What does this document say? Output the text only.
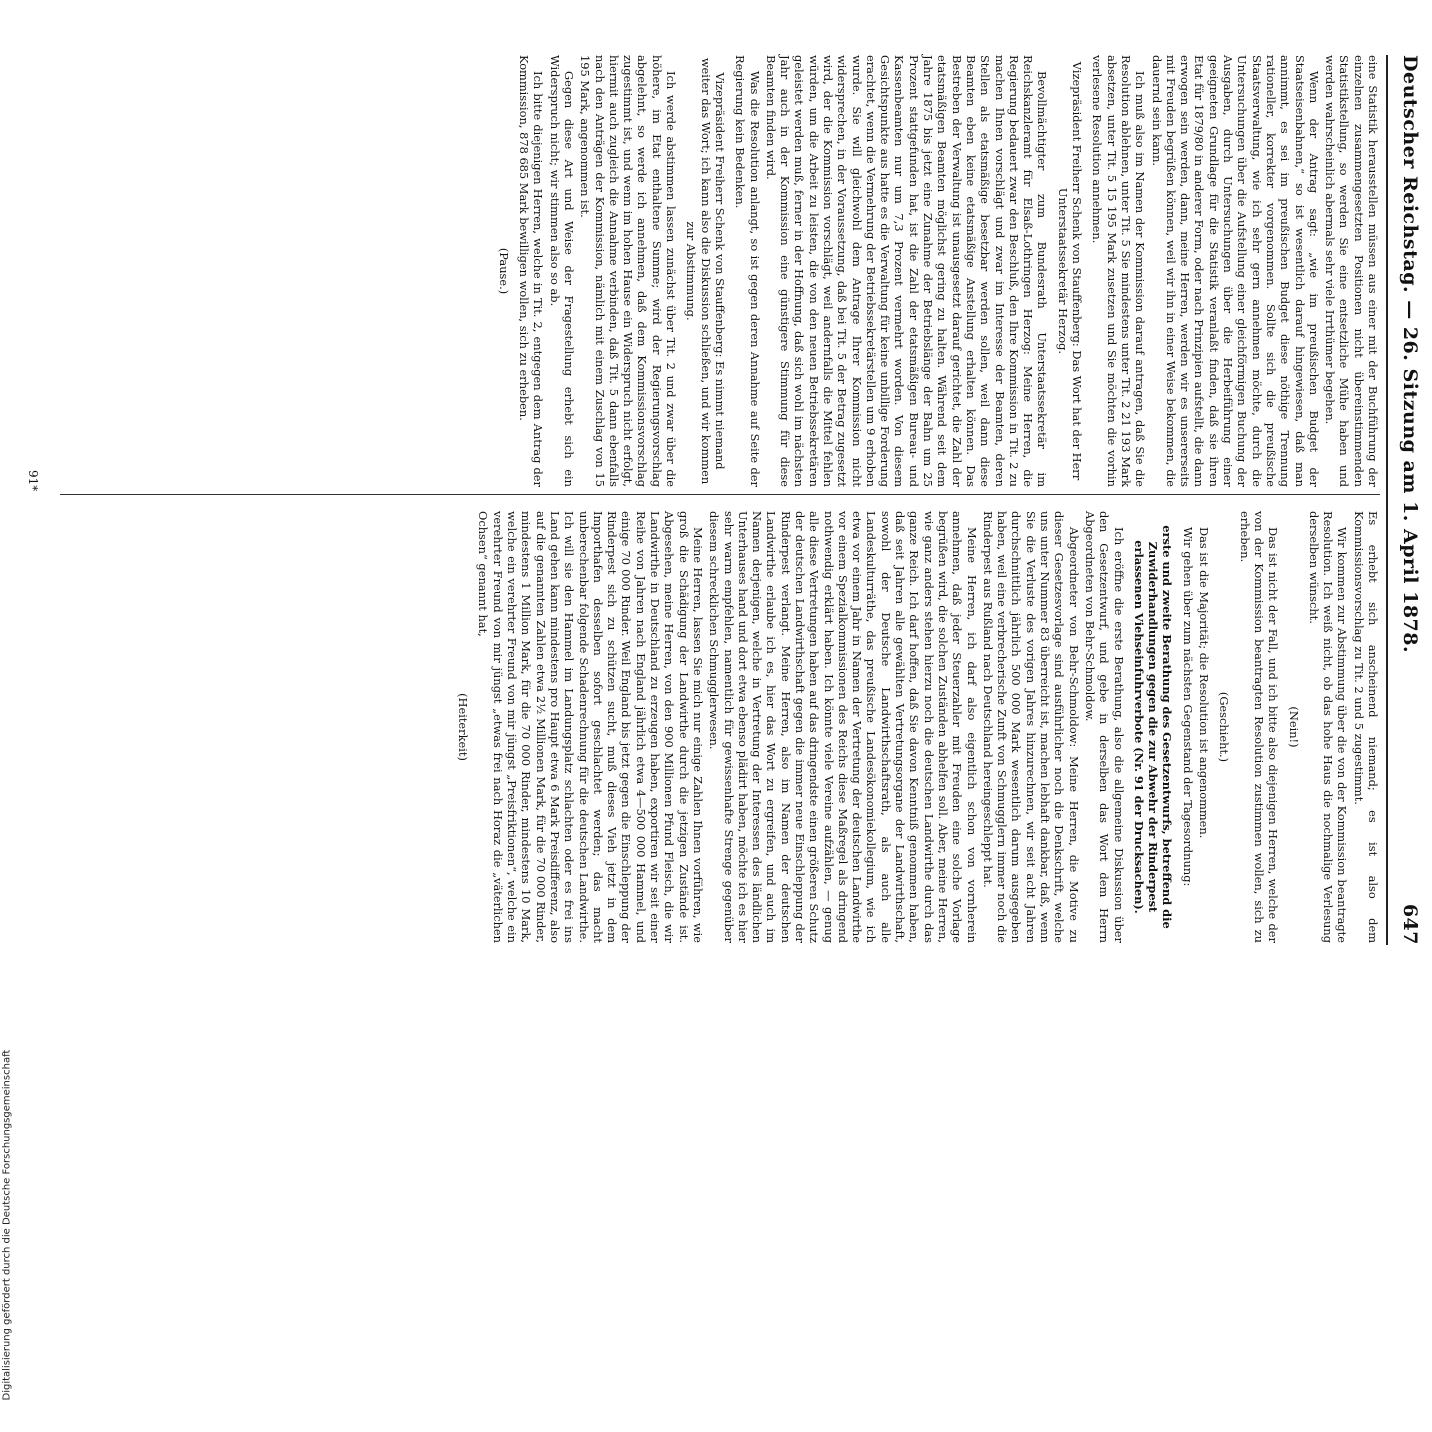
Deutscher Reichstag. — 26. Sitzung am 1. April 1878.
647

eine Statistik herausstellen müssen aus einer mit der Buchführung der einzelnen zusammengesetzten Positionen nicht übereinstimmenden Statistikstellung, so werden Sie eine entsetzliche Mühe haben und werden wahrscheinlich abermals sehr viele Irrthümer begehen.

Wenn der Antrag sagt: „wie im preußischen Budget der Staatseisenbahnen,“ so ist wesentlich darauf hingewiesen, daß man annimmt, es sei im preußischen Budget diese nöthige Trennung rationeller, korrekter vorgenommen. Sollte sich die preußische Staatsverwaltung, wie ich sehr gern annehmen möchte, durch die Untersuchungen über die Aufstellung einer gleichförmigen Buchung der Ausgaben, durch Untersuchungen über die Herbeiführung einer geeigneten Grundlage für die Statistik veranlaßt finden, daß sie ihren Etat für 1879/80 in anderer Form, oder nach Prinzipien aufstellt, die dann erwogen sein werden, dann, meine Herren, werden wir es unsererseits mit Freuden begrüßen können, weil wir ihn in einer Weise bekommen, die dauernd sein kann.

Ich muß also im Namen der Kommission darauf antragen, daß Sie die Resolution ablehnen, unter Tit. 5 Sie mindestens unter Tit. 2 21 193 Mark absetzen, unter Tit. 5 15 195 Mark zusetzen und Sie möchten die vorhin verlesene Resolution annehmen.

Vizepräsident Freiherr Schenk von Stauffenberg: Das Wort hat der Herr Unterstaatssekretär Herzog.

Bevollmächtigter zum Bundesrath Unterstaatssekretär im Reichskanzleramt für Elsaß-Lothringen Herzog: Meine Herren, die Regierung bedauert zwar den Beschluß, den Ihre Kommission in Tit. 2 zu machen Ihnen vorschlägt und zwar im Interesse der Beamten, deren Stellen als etatsmäßige besetzbar werden sollen, weil dann diese Beamten eben keine etatsmäßige Anstellung erhalten können. Das Bestreben der Verwaltung ist unausgesetzt darauf gerichtet, die Zahl der etatsmäßigen Beamten möglichst gering zu halten. Während seit dem Jahre 1875 bis jetzt eine Zunahme der Betriebslänge der Bahn um 25 Prozent stattgefunden hat, ist die Zahl der etatsmäßigen Bureau- und Kassenbeamten nur um 7,3 Prozent vermehrt worden. Von diesem Gesichtspunkte aus hatte es die Verwaltung für keine unbillige Forderung erachtet, wenn die Vermehrung der Betriebssekretärstellen um 9 erhoben wurde. Sie will gleichwohl dem Antrage Ihrer Kommission nicht widersprechen, in der Voraussetzung, daß bei Tit. 5 der Betrag zugesetzt wird, der die Kommission vorschlägt, weil andernfalls die Mittel fehlen würden, um die Arbeit zu leisten, die von den neuen Betriebssekretären geleistet werden muß, ferner in der Hoffnung, daß sich wohl im nächsten Jahr auch in der Kommission eine günstigere Stimmung für diese Beamten finden wird.

Was die Resolution anlangt, so ist gegen deren Annahme auf Seite der Regierung kein Bedenken.

Vizepräsident Freiherr Schenk von Stauffenberg: Es nimmt niemand weiter das Wort; ich kann also die Diskussion schließen, und wir kommen zur Abstimmung.

Ich werde abstimmen lassen zunächst über Tit. 2 und zwar über die höhere, im Etat enthaltene Summe; wird der Regierungsvorschlag abgelehnt, so werde ich annehmen, daß dem Kommissionsvorschlag zugestimmt ist, und wenn im hohen Hause ein Widerspruch nicht erfolgt, hiermit auch zugleich die Annahme verbinden, daß Tit. 5 dann ebenfalls nach den Anträgen der Kommission, nämlich mit einem Zuschlag von 15 195 Mark, angenommen ist.

Gegen diese Art und Weise der Fragestellung erhebt sich ein Widerspruch nicht; wir stimmen also so ab.

Ich bitte diejenigen Herren, welche in Tit. 2, entgegen dem Antrag der Kommission, 878 685 Mark bewilligen wollen, sich zu erheben.

(Pause.)

Es erhebt sich anscheinend niemand; es ist also dem Kommissionsvorschlag zu Tit. 2 und 5 zugestimmt.

Wir kommen zur Abstimmung über die von der Kommission beantragte Resolution. Ich weiß nicht, ob das hohe Haus die nochmalige Verlesung derselben wünscht.

(Nein!)

Das ist nicht der Fall, und ich bitte also diejenigen Herren, welche der von der Kommission beantragten Resolution zustimmen wollen, sich zu erheben.

(Geschieht.)

Das ist die Majorität; die Resolution ist angenommen.

Wir gehen über zum nächsten Gegenstand der Tagesordnung:

erste und zweite Berathung des Gesetzentwurfs, betreffend die Zuwiderhandlungen gegen die zur Abwehr der Rinderpest erlassenen Viehseinfuhrverbote (Nr. 91 der Drucksachen).

Ich eröffne die erste Berathung, also die allgemeine Diskussion über den Gesetzentwurf, und gebe in derselben das Wort dem Herrn Abgeordneten von Behr-Schmoldow.

Abgeordneter von Behr-Schmoldow: Meine Herren, die Motive zu dieser Gesetzesvorlage sind ausführlicher noch die Denkschrift, welche uns unter Nummer 83 überreicht ist, machen lebhaft dankbar, daß, wenn Sie die Verluste des vorigen Jahres hinzurechnen, wir seit acht Jahren durchschnittlich jährlich 500 000 Mark wesentlich darum ausgegeben haben, weil eine verbrecherische Zunft von Schmugglern immer noch die Rinderpest aus Rußland nach Deutschland hereingeschleppt hat.

Meine Herren, ich darf also eigentlich schon von vornherein annehmen, daß jeder Steuerzahler mit Freuden eine solche Vorlage begrüßen wird, die solchen Zuständen abhelfen soll. Aber, meine Herren, wie ganz anders stehen hierzu noch die deutschen Landwirthe durch das ganze Reich. Ich darf hoffen, daß Sie davon Kenntniß genommen haben, daß seit Jahren alle gewählten Vertretungsorgane der Landwirthschaft, sowohl der Deutsche Landwirthschaftsrath, als auch alle Landeskulturräthe, das preußische Landesökonomiekollegium, wie ich etwa vor einem Jahr in Namen der Vertretung der deutschen Landwirthe vor einem Spezialkommissionen des Reichs diese Maßregel als dringend nothwendig erklärt haben. Ich könnte viele Vereine aufzählen, — genug alle diese Vertretungen haben auf das dringendste einen größeren Schutz der deutschen Landwirthschaft gegen die immer neue Einschleppung der Rinderpest verlangt. Meine Herren, also im Namen der deutschen Landwirthe erlaube ich es, hier das Wort zu ergreifen, und auch im Namen derjenigen, welche in Vertretung der Interessen des ländlichen Unterhauses hand und dort etwa ebenso plädirt haben, möchte ich es hier sehr warm empfehlen, namentlich für gewissenhafte Strenge gegenüber diesem schrecklichen Schmugglerwesen.

Meine Herren, lassen Sie mich nur einige Zahlen Ihnen vorführen, wie groß die Schädigung der Landwirthe durch die jetzigen Zustände ist. Abgesehen, meine Herren, von den 900 Millionen Pfund Fleisch, die wir Landwirthe in Deutschland zu erzeugen haben, exportiren wir seit einer Reihe von Jahren nach England jährlich etwa 4—500 000 Hammel, und einige 70 000 Rinder. Weil England bis jetzt gegen die Einschleppung der Rinderpest sich zu schützen sucht, muß dieses Vieh jetzt in dem Importhafen desselben sofort geschlachtet werden; das macht unberechenbar folgende Schadenrechnung für die deutschen Landwirthe. Ich will sie den Hammel im Landungsplatz schlachten oder es frei ins Land gehen kann mindestens pro Haupt etwa 6 Mark Preisdifferenz, also auf die genannten Zahlen etwa 2½ Millionen Mark, für die 70 000 Rinder, mindestens 1 Million Mark, für die 70 000 Rinder, mindestens 10 Mark, welche ein verehrter Freund von mir jüngst „Preisfriktionen“, welche ein verehrter Freund von mir jüngst „etwas frei nach Horaz die „väterlichen Ochsen“ genannt hat,

(Heiterkeit)

91*
Digitalisierung gefördert durch die Deutsche Forschungsgemeinschaft
